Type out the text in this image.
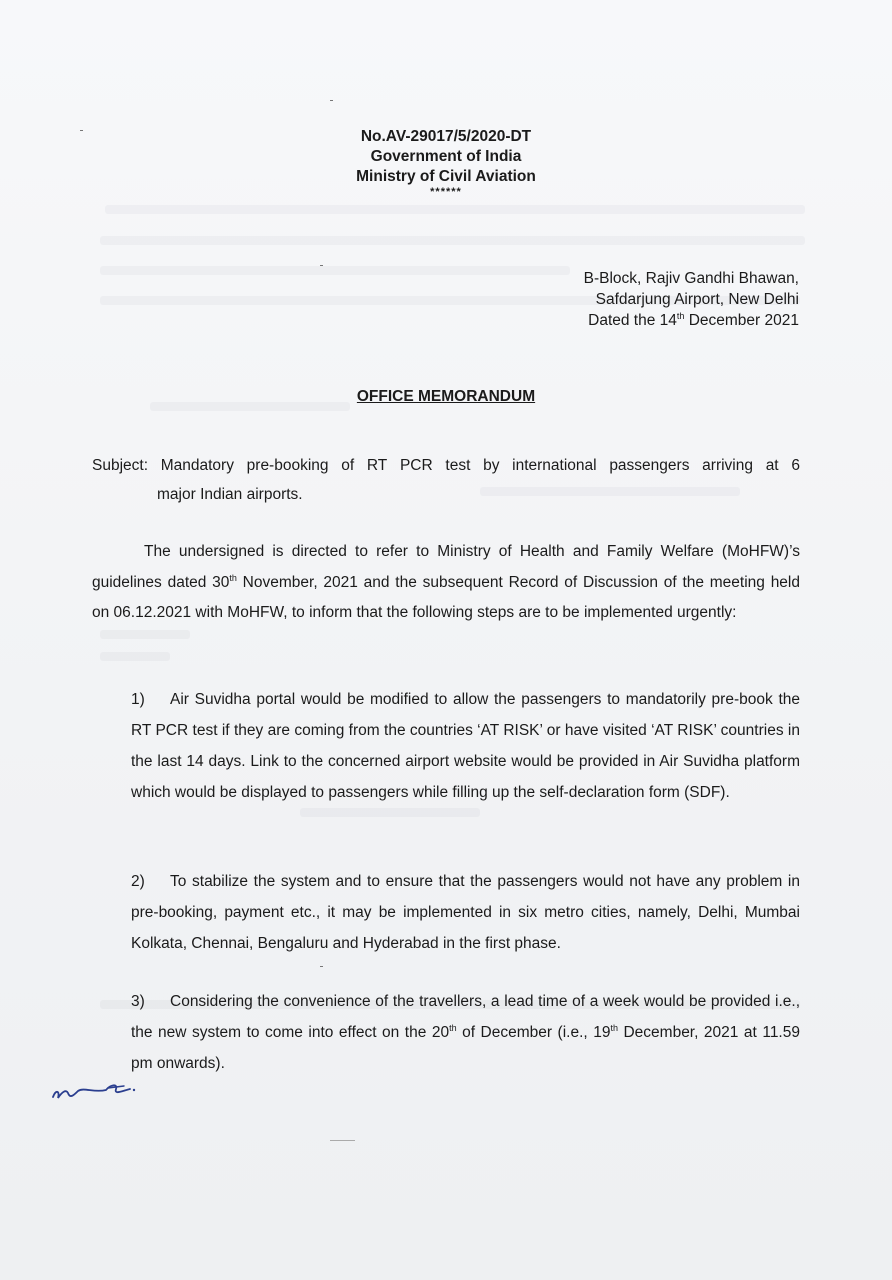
No.AV-29017/5/2020-DT
Government of India
Ministry of Civil Aviation
******
B-Block, Rajiv Gandhi Bhawan,
Safdarjung Airport, New Delhi
Dated the 14th December 2021
OFFICE MEMORANDUM
Subject: Mandatory pre-booking of RT PCR test by international passengers arriving at 6
major Indian airports.
The undersigned is directed to refer to Ministry of Health and Family Welfare (MoHFW)’s guidelines dated 30th November, 2021 and the subsequent Record of Discussion of the meeting held on 06.12.2021 with MoHFW, to inform that the following steps are to be implemented urgently:
1) Air Suvidha portal would be modified to allow the passengers to mandatorily pre-book the RT PCR test if they are coming from the countries ‘AT RISK’ or have visited ‘AT RISK’ countries in the last 14 days. Link to the concerned airport website would be provided in Air Suvidha platform which would be displayed to passengers while filling up the self-declaration form (SDF).
2) To stabilize the system and to ensure that the passengers would not have any problem in pre-booking, payment etc., it may be implemented in six metro cities, namely, Delhi, Mumbai Kolkata, Chennai, Bengaluru and Hyderabad in the first phase.
3) Considering the convenience of the travellers, a lead time of a week would be provided i.e., the new system to come into effect on the 20th of December (i.e., 19th December, 2021 at 11.59 pm onwards).
